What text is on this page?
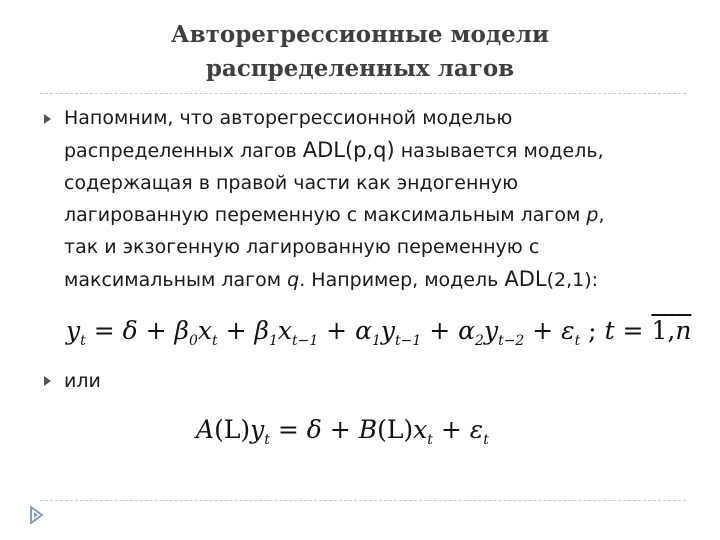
Авторегрессионные модели
распределенных лагов
Напомним, что авторегрессионной моделью
распределенных лагов ADL(p,q) называется модель,
содержащая в правой части как эндогенную
лагированную переменную с максимальным лагом p,
так и экзогенную лагированную переменную с
максимальным лагом q. Например, модель ADL(2,1):
$y_t = \delta + \beta_0x_t + \beta_1x_{t-1} + \alpha_1y_{t-1} + \alpha_2y_{t-2} + \varepsilon_t$ ; t = 1,n
или
$A(L)y_t = \delta + B(L)x_t + \varepsilon_t$
